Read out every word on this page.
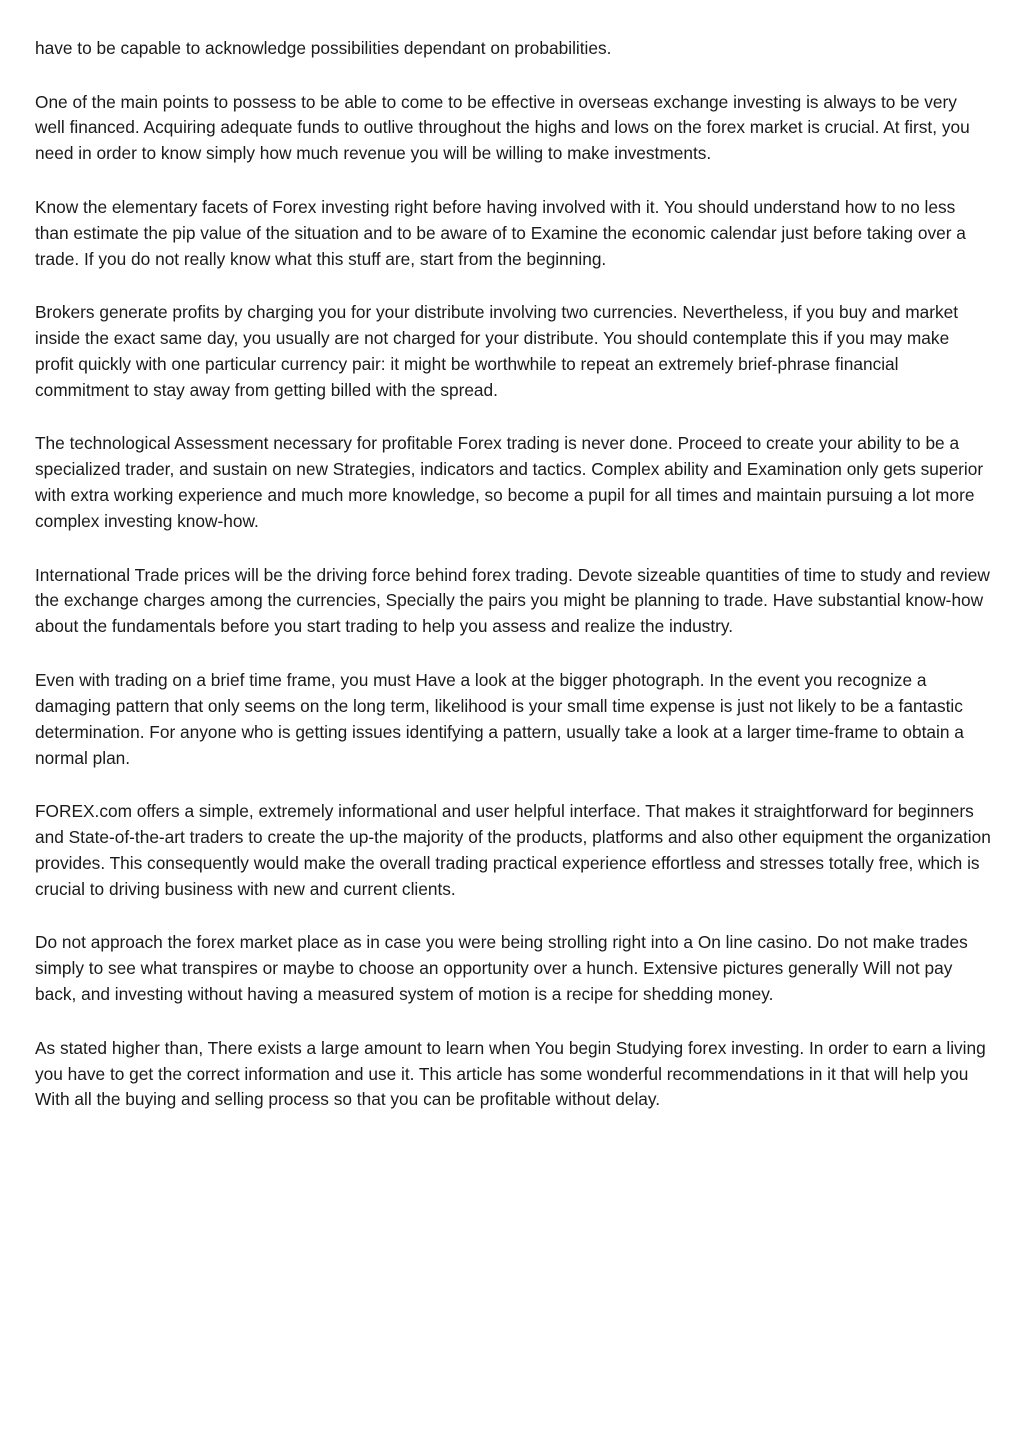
have to be capable to acknowledge possibilities dependant on probabilities.

One of the main points to possess to be able to come to be effective in overseas exchange investing is always to be very well financed. Acquiring adequate funds to outlive throughout the highs and lows on the forex market is crucial. At first, you need in order to know simply how much revenue you will be willing to make investments.

Know the elementary facets of Forex investing right before having involved with it. You should understand how to no less than estimate the pip value of the situation and to be aware of to Examine the economic calendar just before taking over a trade. If you do not really know what this stuff are, start from the beginning.

Brokers generate profits by charging you for your distribute involving two currencies. Nevertheless, if you buy and market inside the exact same day, you usually are not charged for your distribute. You should contemplate this if you may make profit quickly with one particular currency pair: it might be worthwhile to repeat an extremely brief-phrase financial commitment to stay away from getting billed with the spread.

The technological Assessment necessary for profitable Forex trading is never done. Proceed to create your ability to be a specialized trader, and sustain on new Strategies, indicators and tactics. Complex ability and Examination only gets superior with extra working experience and much more knowledge, so become a pupil for all times and maintain pursuing a lot more complex investing know-how.

International Trade prices will be the driving force behind forex trading. Devote sizeable quantities of time to study and review the exchange charges among the currencies, Specially the pairs you might be planning to trade. Have substantial know-how about the fundamentals before you start trading to help you assess and realize the industry.

Even with trading on a brief time frame, you must Have a look at the bigger photograph. In the event you recognize a damaging pattern that only seems on the long term, likelihood is your small time expense is just not likely to be a fantastic determination. For anyone who is getting issues identifying a pattern, usually take a look at a larger time-frame to obtain a normal plan.

FOREX.com offers a simple, extremely informational and user helpful interface. That makes it straightforward for beginners and State-of-the-art traders to create the up-the majority of the products, platforms and also other equipment the organization provides. This consequently would make the overall trading practical experience effortless and stresses totally free, which is crucial to driving business with new and current clients.

Do not approach the forex market place as in case you were being strolling right into a On line casino. Do not make trades simply to see what transpires or maybe to choose an opportunity over a hunch. Extensive pictures generally Will not pay back, and investing without having a measured system of motion is a recipe for shedding money.

As stated higher than, There exists a large amount to learn when You begin Studying forex investing. In order to earn a living you have to get the correct information and use it. This article has some wonderful recommendations in it that will help you With all the buying and selling process so that you can be profitable without delay.
